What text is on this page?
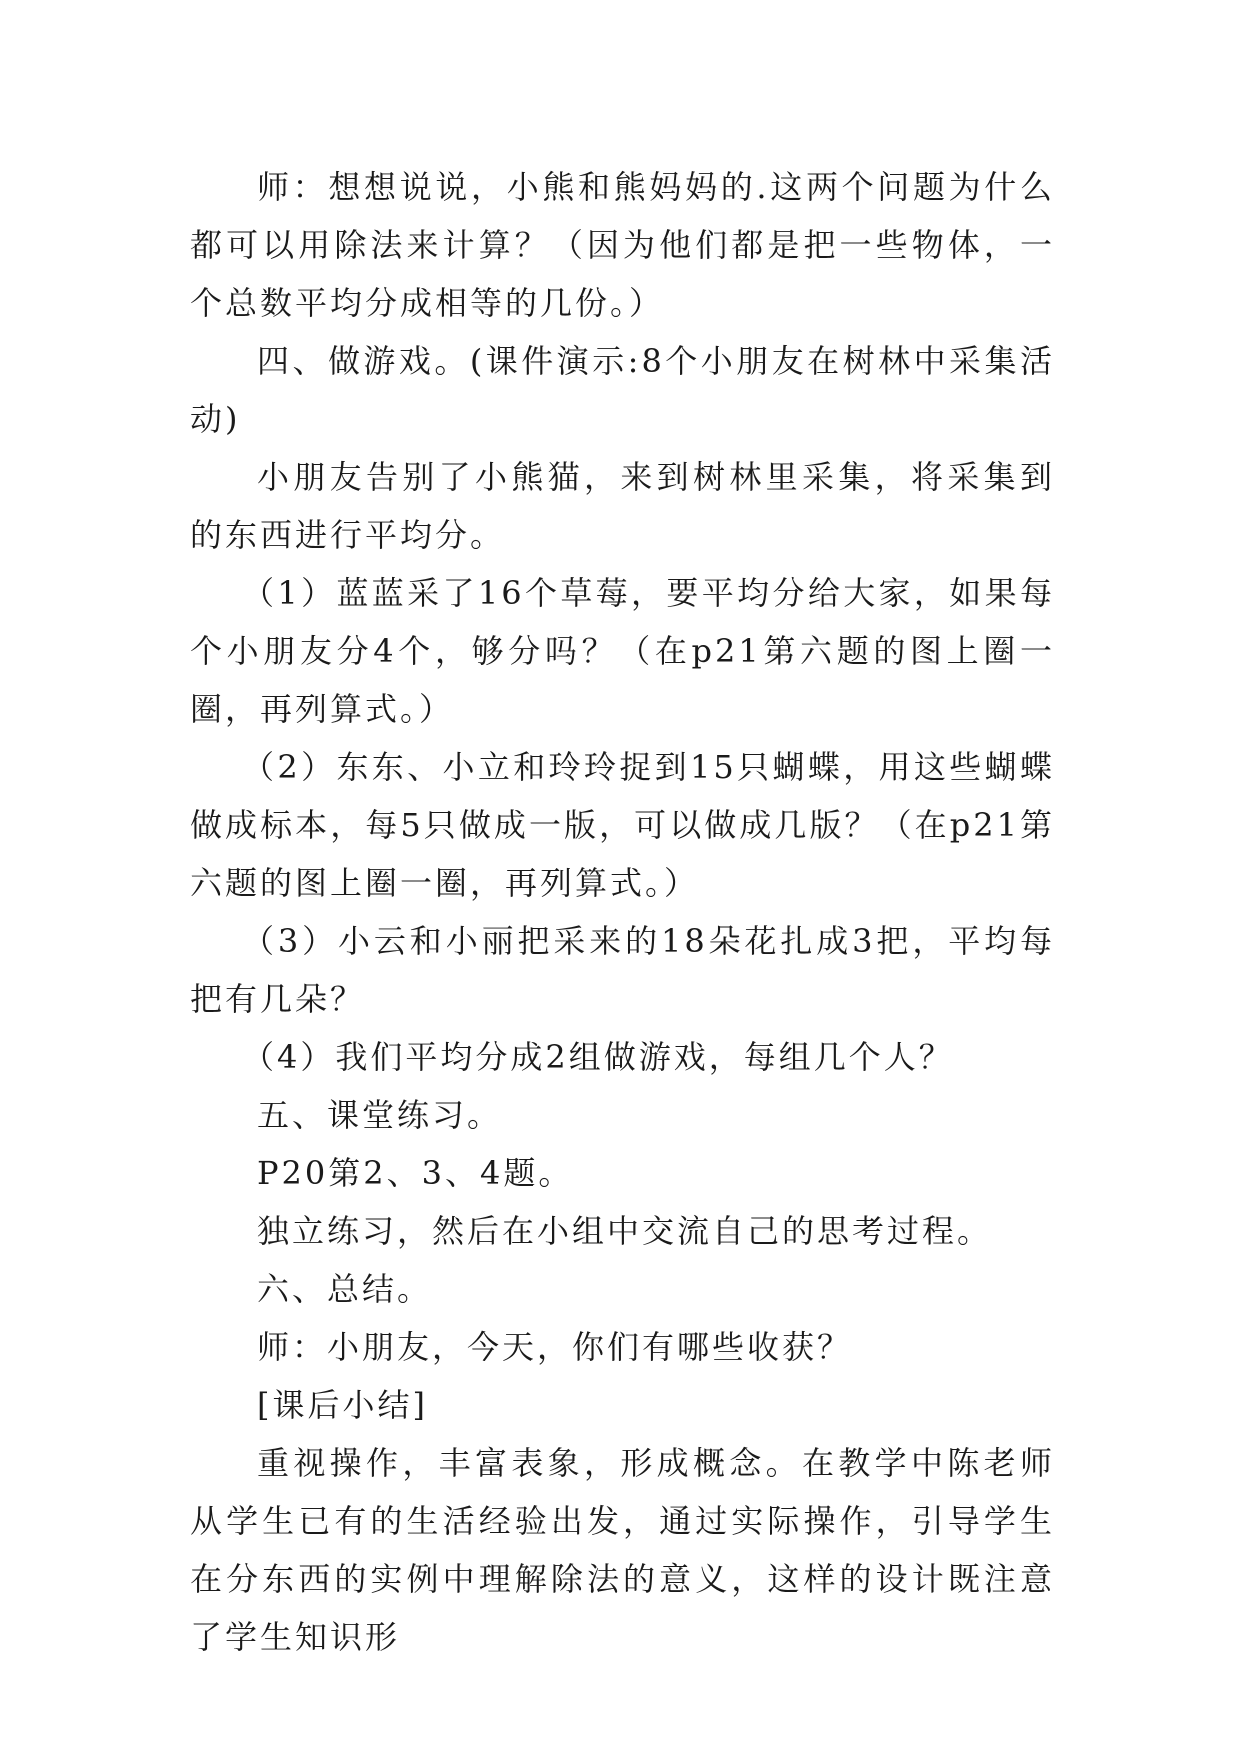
师：想想说说，小熊和熊妈妈的.这两个问题为什么都可以用除法来计算？（因为他们都是把一些物体，一个总数平均分成相等的几份。）

四、做游戏。(课件演示:8个小朋友在树林中采集活动)

小朋友告别了小熊猫，来到树林里采集，将采集到的东西进行平均分。

（1）蓝蓝采了16个草莓，要平均分给大家，如果每个小朋友分4个，够分吗？（在p21第六题的图上圈一圈，再列算式。）

（2）东东、小立和玲玲捉到15只蝴蝶，用这些蝴蝶做成标本，每5只做成一版，可以做成几版？（在p21第六题的图上圈一圈，再列算式。）

（3）小云和小丽把采来的18朵花扎成3把，平均每把有几朵？

（4）我们平均分成2组做游戏，每组几个人？

五、课堂练习。

P20第2、3、4题。

独立练习，然后在小组中交流自己的思考过程。

六、总结。

师：小朋友，今天，你们有哪些收获？

[课后小结]

重视操作，丰富表象，形成概念。在教学中陈老师从学生已有的生活经验出发，通过实际操作，引导学生在分东西的实例中理解除法的意义，这样的设计既注意了学生知识形
